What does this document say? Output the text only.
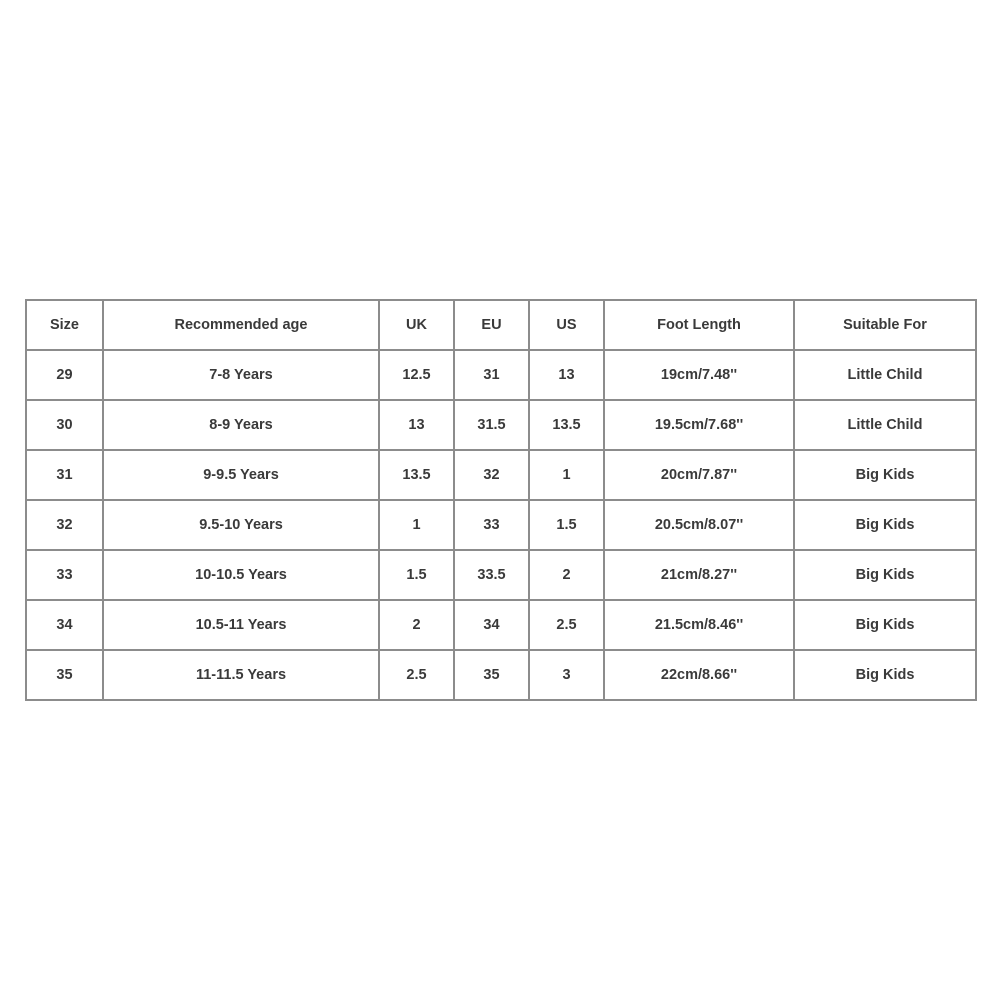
Size	Recommended age	UK	EU	US	Foot Length	Suitable For
29	7-8 Years	12.5	31	13	19cm/7.48''	Little Child
30	8-9 Years	13	31.5	13.5	19.5cm/7.68''	Little Child
31	9-9.5 Years	13.5	32	1	20cm/7.87''	Big Kids
32	9.5-10 Years	1	33	1.5	20.5cm/8.07''	Big Kids
33	10-10.5 Years	1.5	33.5	2	21cm/8.27''	Big Kids
34	10.5-11 Years	2	34	2.5	21.5cm/8.46''	Big Kids
35	11-11.5 Years	2.5	35	3	22cm/8.66''	Big Kids
